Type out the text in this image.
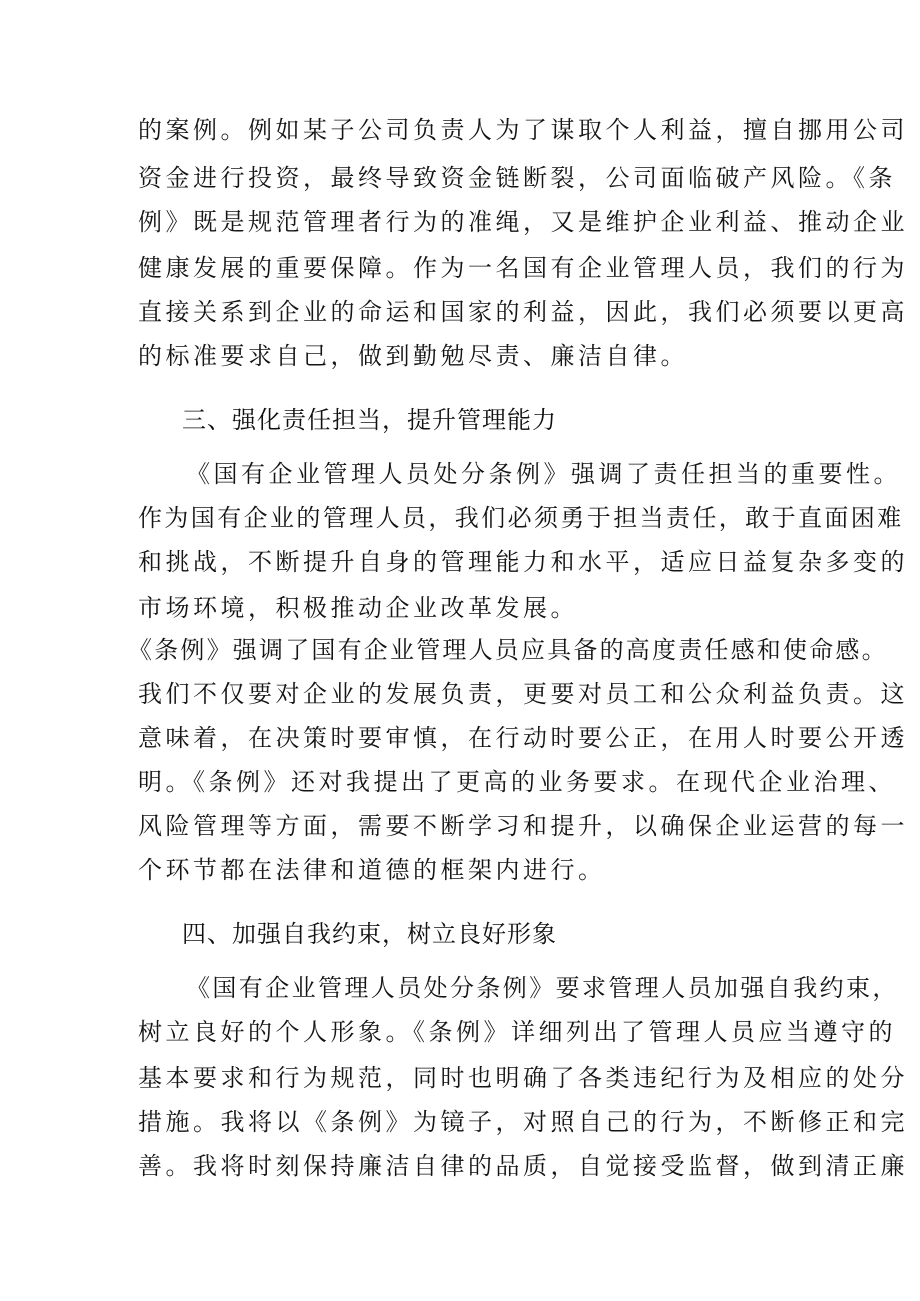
的案例。例如某子公司负责人为了谋取个人利益，擅自挪用公司
资金进行投资，最终导致资金链断裂，公司面临破产风险。《条
例》既是规范管理者行为的准绳，又是维护企业利益、推动企业
健康发展的重要保障。作为一名国有企业管理人员，我们的行为
直接关系到企业的命运和国家的利益，因此，我们必须要以更高
的标准要求自己，做到勤勉尽责、廉洁自律。
三、强化责任担当，提升管理能力
《国有企业管理人员处分条例》强调了责任担当的重要性。
作为国有企业的管理人员，我们必须勇于担当责任，敢于直面困难
和挑战，不断提升自身的管理能力和水平，适应日益复杂多变的
市场环境，积极推动企业改革发展。
《条例》强调了国有企业管理人员应具备的高度责任感和使命感。
我们不仅要对企业的发展负责，更要对员工和公众利益负责。这
意味着，在决策时要审慎，在行动时要公正，在用人时要公开透
明。《条例》还对我提出了更高的业务要求。在现代企业治理、
风险管理等方面，需要不断学习和提升，以确保企业运营的每一
个环节都在法律和道德的框架内进行。
四、加强自我约束，树立良好形象
《国有企业管理人员处分条例》要求管理人员加强自我约束，
树立良好的个人形象。《条例》详细列出了管理人员应当遵守的
基本要求和行为规范，同时也明确了各类违纪行为及相应的处分
措施。我将以《条例》为镜子，对照自己的行为，不断修正和完
善。我将时刻保持廉洁自律的品质，自觉接受监督，做到清正廉
